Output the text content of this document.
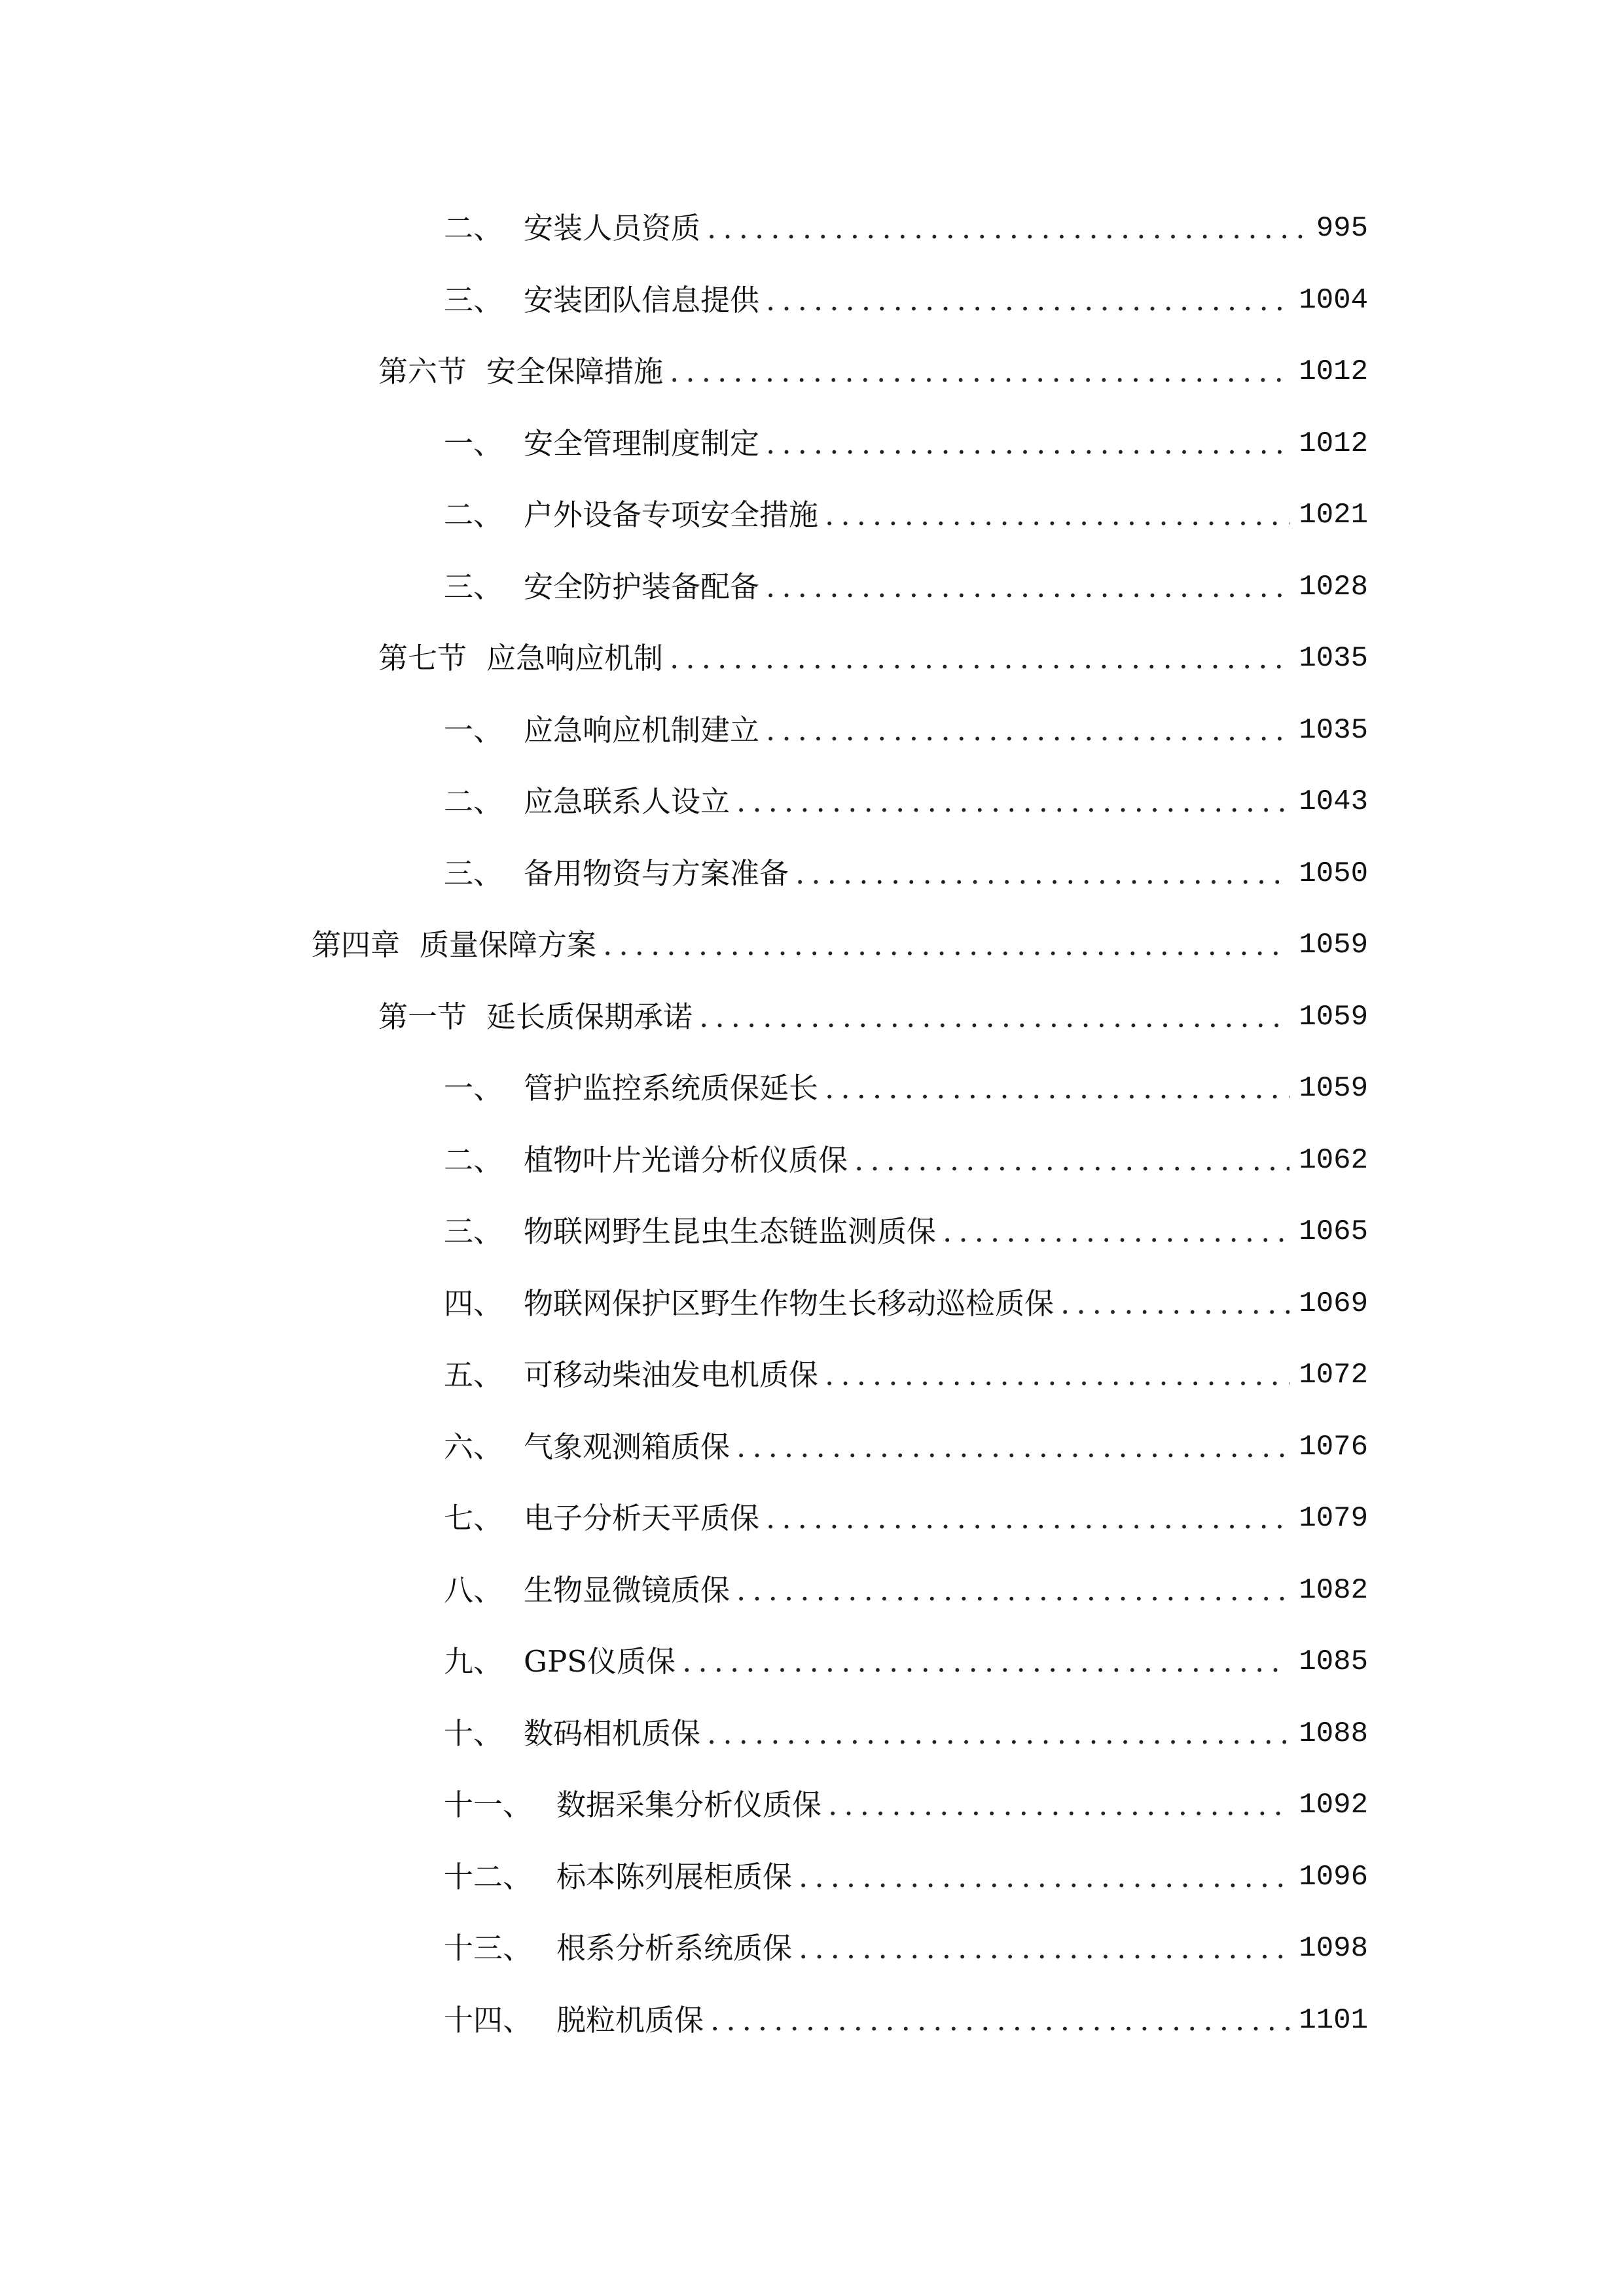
二、 安装人员资质 .....	995
三、 安装团队信息提供 .....	1004
第六节 安全保障措施 .....	1012
一、 安全管理制度制定 .....	1012
二、 户外设备专项安全措施 .....	1021
三、 安全防护装备配备 .....	1028
第七节 应急响应机制 .....	1035
一、 应急响应机制建立 .....	1035
二、 应急联系人设立 .....	1043
三、 备用物资与方案准备 .....	1050
第四章 质量保障方案 .....	1059
第一节 延长质保期承诺 .....	1059
一、 管护监控系统质保延长 .....	1059
二、 植物叶片光谱分析仪质保 .....	1062
三、 物联网野生昆虫生态链监测质保 .....	1065
四、 物联网保护区野生作物生长移动巡检质保 .....	1069
五、 可移动柴油发电机质保 .....	1072
六、 气象观测箱质保 .....	1076
七、 电子分析天平质保 .....	1079
八、 生物显微镜质保 .....	1082
九、 GPS仪质保 .....	1085
十、 数码相机质保 .....	1088
十一、 数据采集分析仪质保 .....	1092
十二、 标本陈列展柜质保 .....	1096
十三、 根系分析系统质保 .....	1098
十四、 脱粒机质保 .....	1101
